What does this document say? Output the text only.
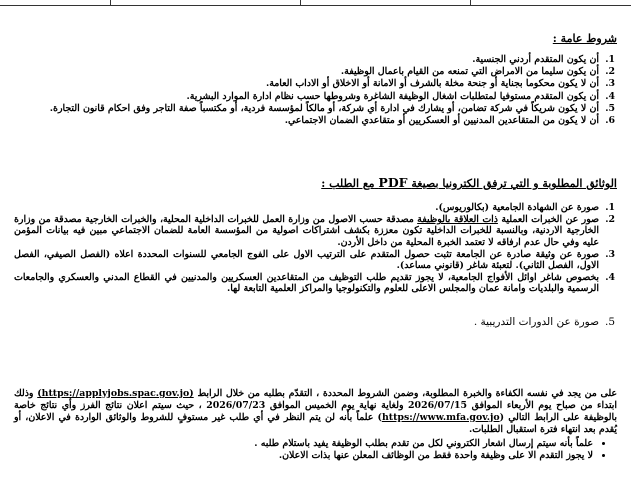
شروط عامة :
1.
أن يكون المتقدم أردني الجنسية.
2.
أن يكون سليما من الامراض التي تمنعه من القيام باعمال الوظيفة.
3.
أن لا يكون محكوما بجناية أو جنحة مخلة بالشرف أو الامانة أو الاخلاق أو الاداب العامة.
4.
أن يكون المتقدم مستوفيا لمتطلبات اشغال الوظيفة الشاغرة وشروطها حسب نظام ادارة الموارد البشرية.
5.
أن لا يكون شريكاً في شركة تضامن، أو يشارك في ادارة أي شركة، أو مالكاً لمؤسسة فردية، أو مكتسباً صفة التاجر وفق احكام قانون التجارة.
6.
أن لا يكون من المتقاعدين المدنيين أو العسكريين أو متقاعدي الضمان الاجتماعي.
الوثائق المطلوبة و التي ترفق الكترونيا بصيغة PDF مع الطلب :
1.
صورة عن الشهادة الجامعية (بكالوريوس).
2.
صور عن الخبرات العملية ذات العلاقة بالوظيفة مصدقة حسب الاصول من وزارة العمل للخبرات الداخلية المحلية، والخبرات الخارجية مصدقة من وزارة الخارجية الاردنية، وبالنسبة للخبرات الداخلية تكون معززة بكشف اشتراكات اصولية من المؤسسة العامة للضمان الاجتماعي مبين فيه بيانات المؤمن عليه وفي حال عدم ارفاقه لا تعتمد الخبرة المحلية من داخل الأردن.
3.
صورة عن وثيقة صادرة عن الجامعة تثبت حصول المتقدم على الترتيب الاول على الفوج الجامعي للسنوات المحددة اعلاه (الفصل الصيفي، الفصل الاول، الفصل الثاني). لتعبئة شاغر (قانوني مساعد).
4.
بخصوص شاغر اوائل الأفواج الجامعية، لا يجوز تقديم طلب التوظيف من المتقاعدين العسكريين والمدنيين في القطاع المدني والعسكري والجامعات الرسمية والبلديات وامانة عمان والمجلس الاعلى للعلوم والتكنولوجيا والمراكز العلمية التابعة لها.
5.
صورة عن الدورات التدريبية .
على من يجد في نفسه الكفاءة والخبرة المطلوبة، وضمن الشروط المحددة ، التقدّم بطلبه من خلال الرابط (https://applyjobs.spac.gov.jo) وذلك ابتداء من صباح يوم الأربعاء الموافق 2026/07/15 ولغاية نهاية يوم الخميس الموافق 2026/07/23 ، حيث سيتم اعلان نتائج الفرز وأي نتائج خاصة بالوظيفة على الرابط التالي (https://www.mfa.gov.jo) علماً بأنه لن يتم النظر في أي طلب غير مستوفٍ للشروط والوثائق الواردة في الاعلان، أو يُقدم بعد انتهاء فترة استقبال الطلبات.
• علماً بأنه سيتم إرسال اشعار الكتروني لكل من تقدم بطلب الوظيفة يفيد باستلام طلبه .
• لا يجوز التقدم الا على وظيفة واحدة فقط من الوظائف المعلن عنها بذات الاعلان.
